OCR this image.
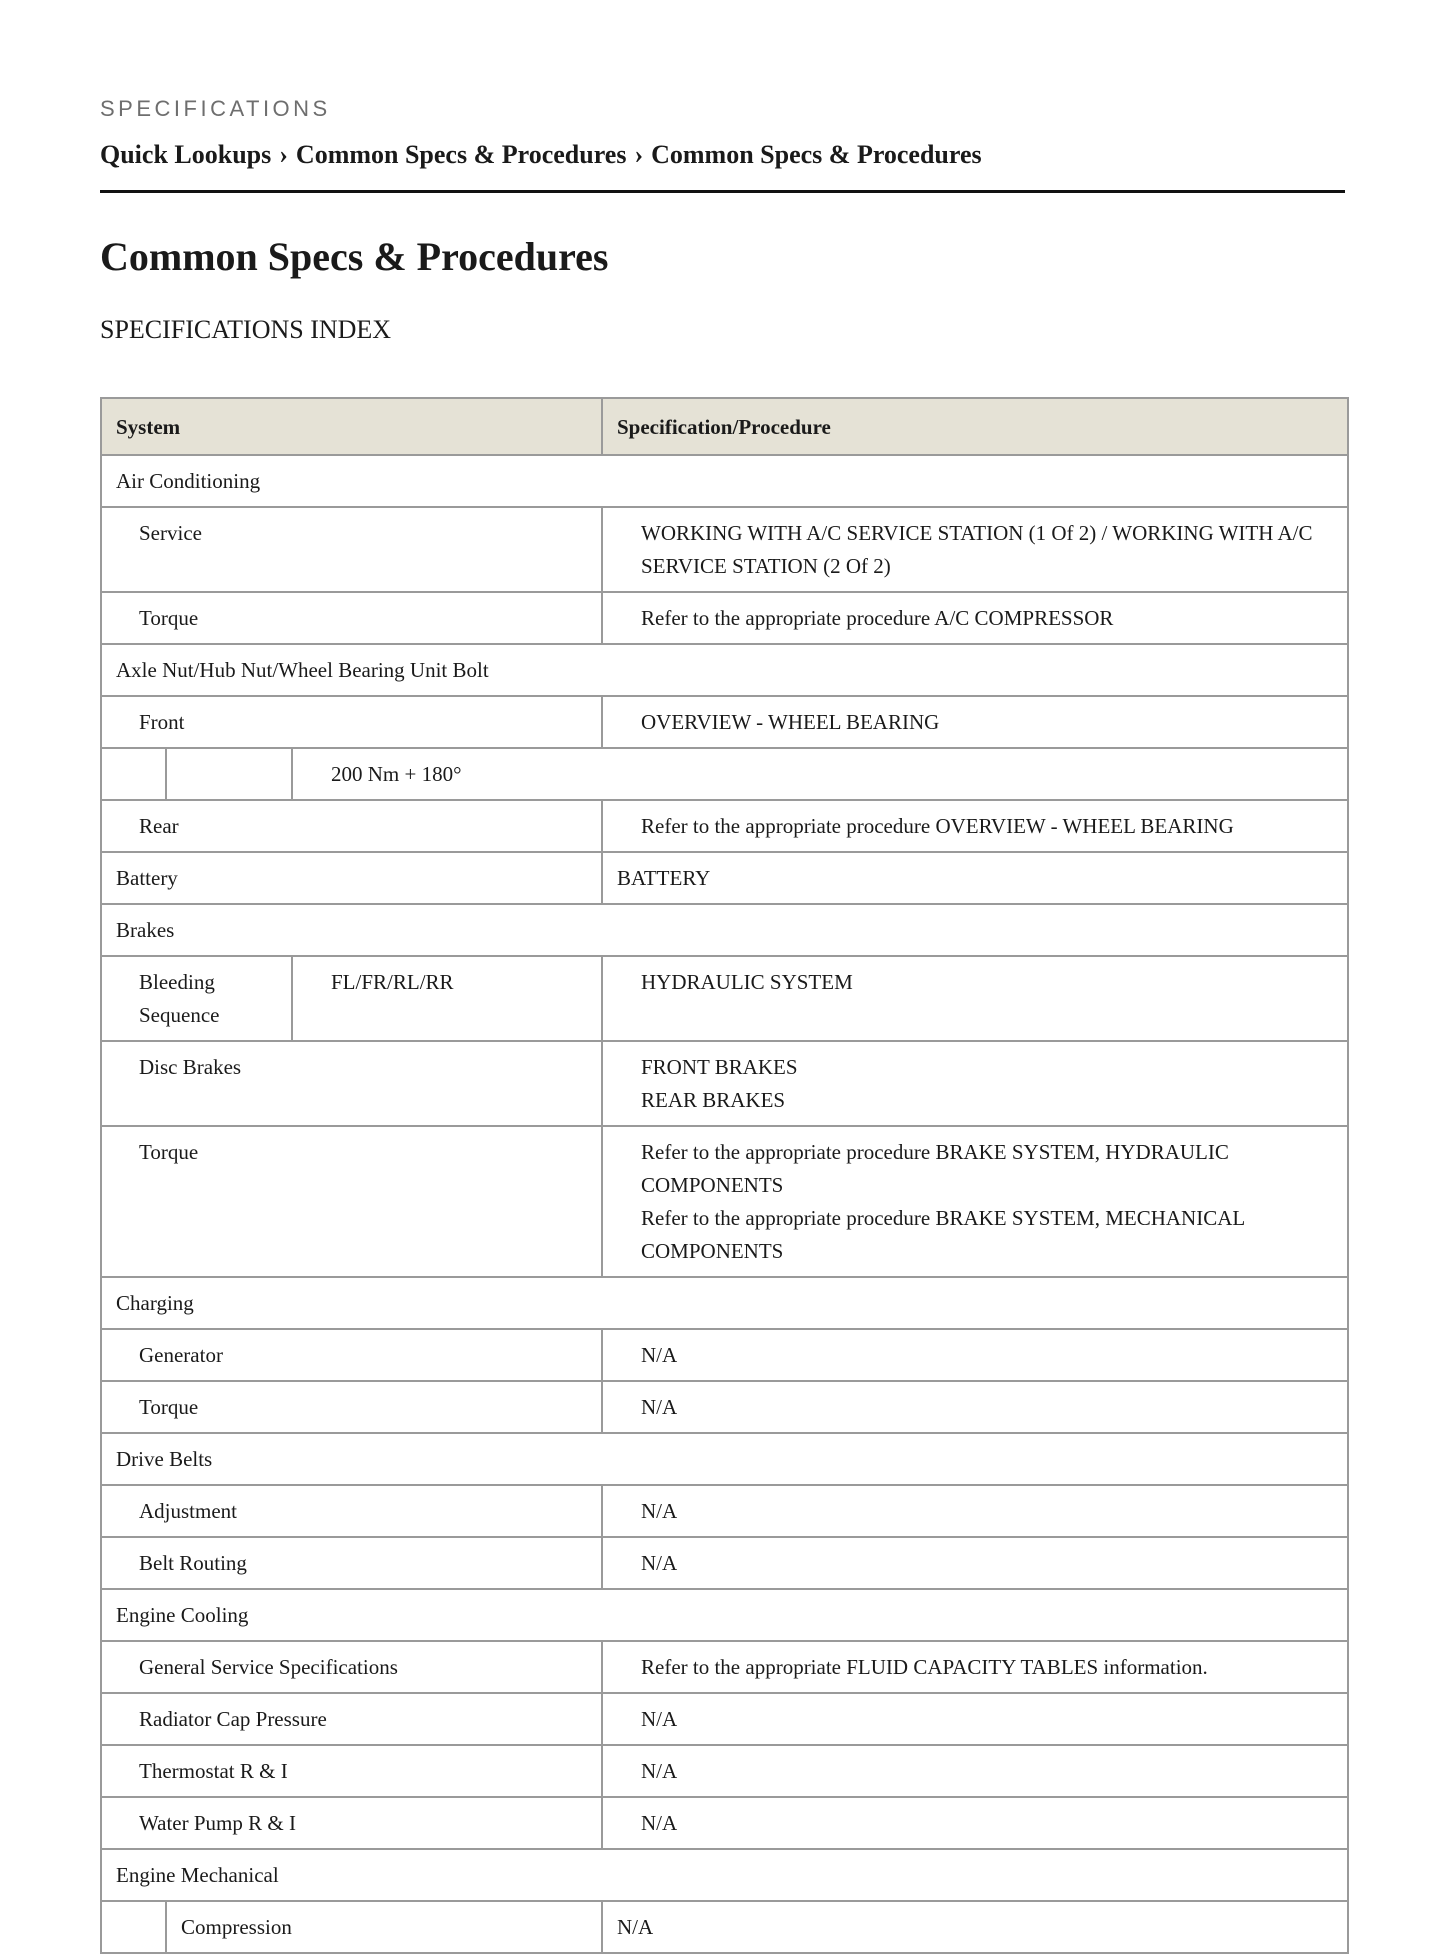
SPECIFICATIONS

Quick Lookups › Common Specs & Procedures › Common Specs & Procedures
Common Specs & Procedures
SPECIFICATIONS INDEX
System			Specification/Procedure
Air Conditioning			
Service			WORKING WITH A/C SERVICE STATION (1 Of 2) / WORKING WITH A/C SERVICE STATION (2 Of 2)
Torque			Refer to the appropriate procedure A/C COMPRESSOR
Axle Nut/Hub Nut/Wheel Bearing Unit Bolt			
Front			OVERVIEW - WHEEL BEARING
		200 Nm + 180°	
Rear			Refer to the appropriate procedure OVERVIEW - WHEEL BEARING
Battery			BATTERY
Brakes			
Bleeding Sequence		FL/FR/RL/RR	HYDRAULIC SYSTEM
Disc Brakes			FRONT BRAKES
REAR BRAKES

Torque			Refer to the appropriate procedure BRAKE SYSTEM, HYDRAULIC COMPONENTS
Refer to the appropriate procedure BRAKE SYSTEM, MECHANICAL COMPONENTS

Charging			
Generator			N/A
Torque			N/A
Drive Belts			
Adjustment			N/A
Belt Routing			N/A
Engine Cooling			
General Service Specifications			Refer to the appropriate FLUID CAPACITY TABLES information.
Radiator Cap Pressure			N/A
Thermostat R & I			N/A
Water Pump R & I			N/A
Engine Mechanical			
	Compression		N/A
